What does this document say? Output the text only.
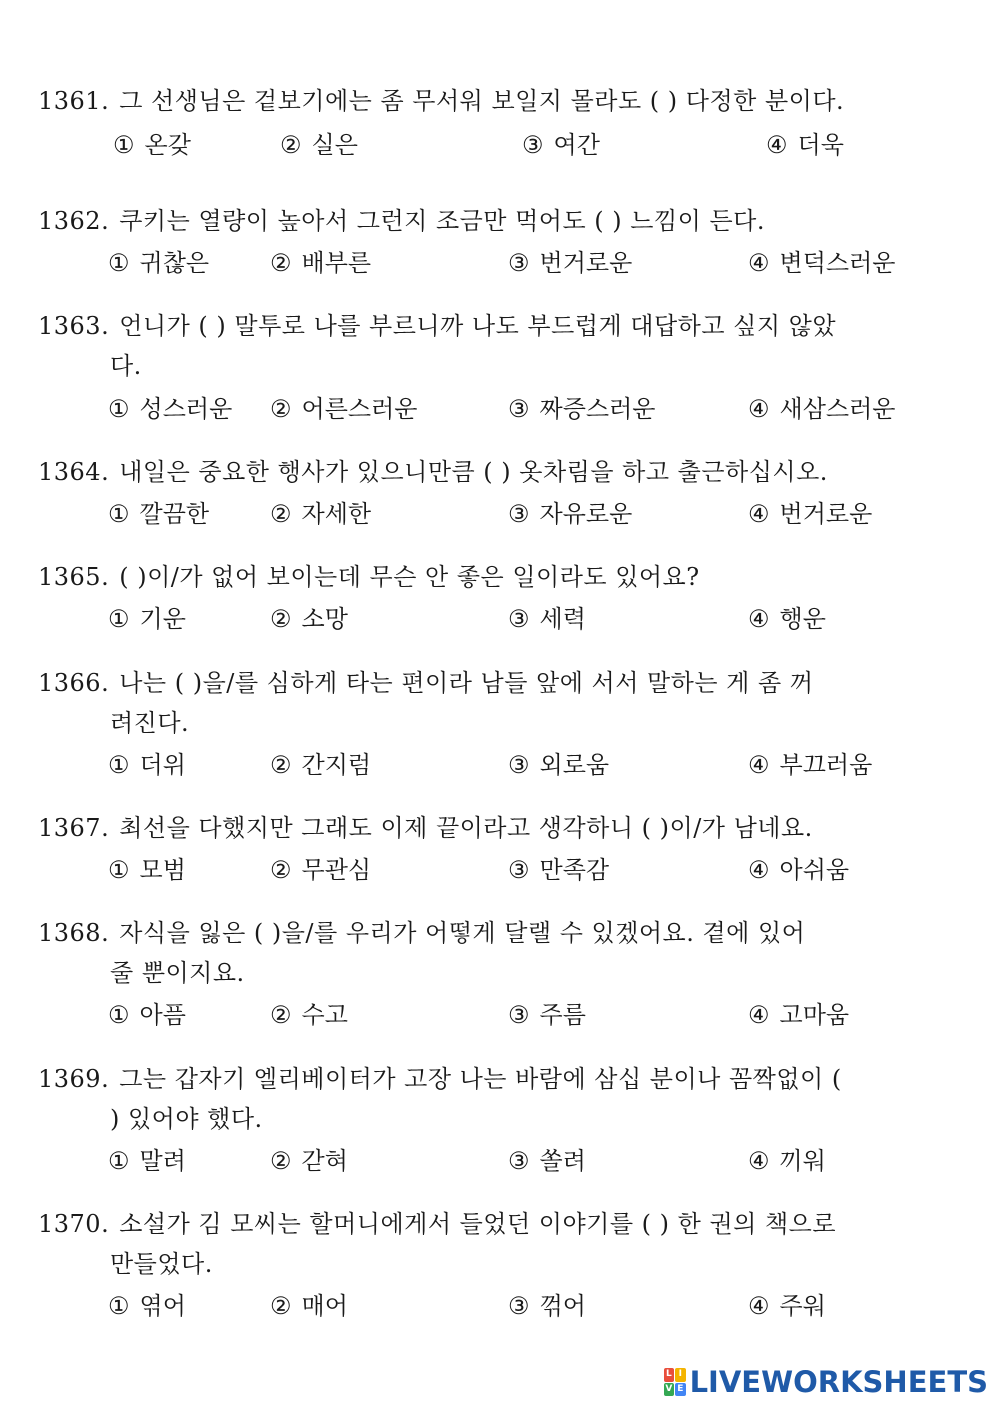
1361. 그 선생님은 겉보기에는 좀 무서워 보일지 몰라도 ( ) 다정한 분이다.
① 온갖	② 실은	③ 여간	④ 더욱
1362. 쿠키는 열량이 높아서 그런지 조금만 먹어도 ( ) 느낌이 든다.
① 귀찮은	② 배부른	③ 번거로운	④ 변덕스러운
1363. 언니가 ( ) 말투로 나를 부르니까 나도 부드럽게 대답하고 싶지 않았
다.
① 성스러운 ② 어른스러운	③ 짜증스러운	④ 새삼스러운
1364. 내일은 중요한 행사가 있으니만큼 ( ) 옷차림을 하고 출근하십시오.
① 깔끔한	② 자세한	③ 자유로운	④ 번거로운
1365. ( )이/가 없어 보이는데 무슨 안 좋은 일이라도 있어요?
① 기운	② 소망	③ 세력	④ 행운
1366. 나는 ( )을/를 심하게 타는 편이라 남들 앞에 서서 말하는 게 좀 꺼
려진다.
① 더위	② 간지럼	③ 외로움	④ 부끄러움
1367. 최선을 다했지만 그래도 이제 끝이라고 생각하니 ( )이/가 남네요.
① 모범	② 무관심	③ 만족감	④ 아쉬움
1368. 자식을 잃은 ( )을/를 우리가 어떻게 달랠 수 있겠어요. 곁에 있어
줄 뿐이지요.
① 아픔	② 수고	③ 주름	④ 고마움
1369. 그는 갑자기 엘리베이터가 고장 나는 바람에 삼십 분이나 꼼짝없이 (
) 있어야 했다.
① 말려	② 갇혀	③ 쏠려	④ 끼워
1370. 소설가 김 모씨는 할머니에게서 들었던 이야기를 ( ) 한 권의 책으로
만들었다.
① 엮어	② 매어	③ 꺾어	④ 주워
L I
V E LIVEWORKSHEETS
